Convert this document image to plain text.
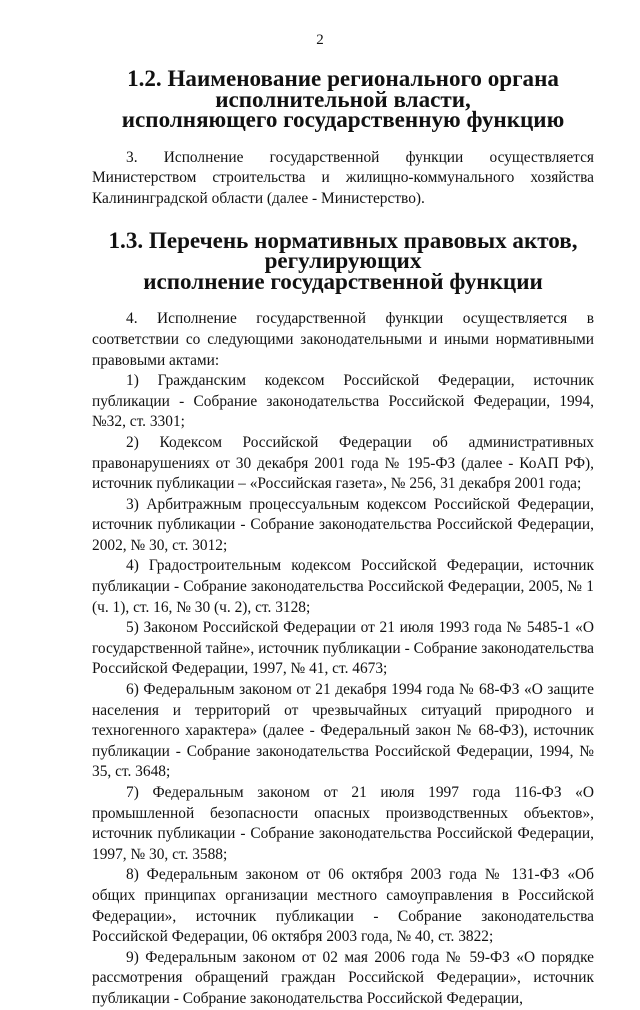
2
1.2. Наименование регионального органа исполнительной власти,
исполняющего государственную функцию

3. Исполнение государственной функции осуществляется Министерством строительства и жилищно-коммунального хозяйства Калининградской области (далее - Министерство).

1.3. Перечень нормативных правовых актов, регулирующих
исполнение государственной функции

4. Исполнение государственной функции осуществляется в соответствии со следующими законодательными и иными нормативными правовыми актами:

1) Гражданским кодексом Российской Федерации, источник публикации - Собрание законодательства Российской Федерации, 1994, №32, ст. 3301;
2) Кодексом Российской Федерации об административных правонарушениях от 30 декабря 2001 года № 195-ФЗ (далее - КоАП РФ), источник публикации – «Российская газета», № 256, 31 декабря 2001 года;
3) Арбитражным процессуальным кодексом Российской Федерации, источник публикации - Собрание законодательства Российской Федерации, 2002, № 30, ст. 3012;
4) Градостроительным кодексом Российской Федерации, источник публикации - Собрание законодательства Российской Федерации, 2005, № 1 (ч. 1), ст. 16, № 30 (ч. 2), ст. 3128;
5) Законом Российской Федерации от 21 июля 1993 года № 5485-1 «О государственной тайне», источник публикации - Собрание законодательства Российской Федерации, 1997, № 41, ст. 4673;
6) Федеральным законом от 21 декабря 1994 года № 68-ФЗ «О защите населения и территорий от чрезвычайных ситуаций природного и техногенного характера» (далее - Федеральный закон № 68-ФЗ), источник публикации - Собрание законодательства Российской Федерации, 1994, № 35, ст. 3648;
7) Федеральным законом от 21 июля 1997 года 116-ФЗ «О промышленной безопасности опасных производственных объектов», источник публикации - Собрание законодательства Российской Федерации, 1997, № 30, ст. 3588;
8) Федеральным законом от 06 октября 2003 года № 131-ФЗ «Об общих принципах организации местного самоуправления в Российской Федерации», источник публикации - Собрание законодательства Российской Федерации, 06 октября 2003 года, № 40, ст. 3822;
9) Федеральным законом от 02 мая 2006 года № 59-ФЗ «О порядке рассмотрения обращений граждан Российской Федерации», источник публикации - Собрание законодательства Российской Федерации,
